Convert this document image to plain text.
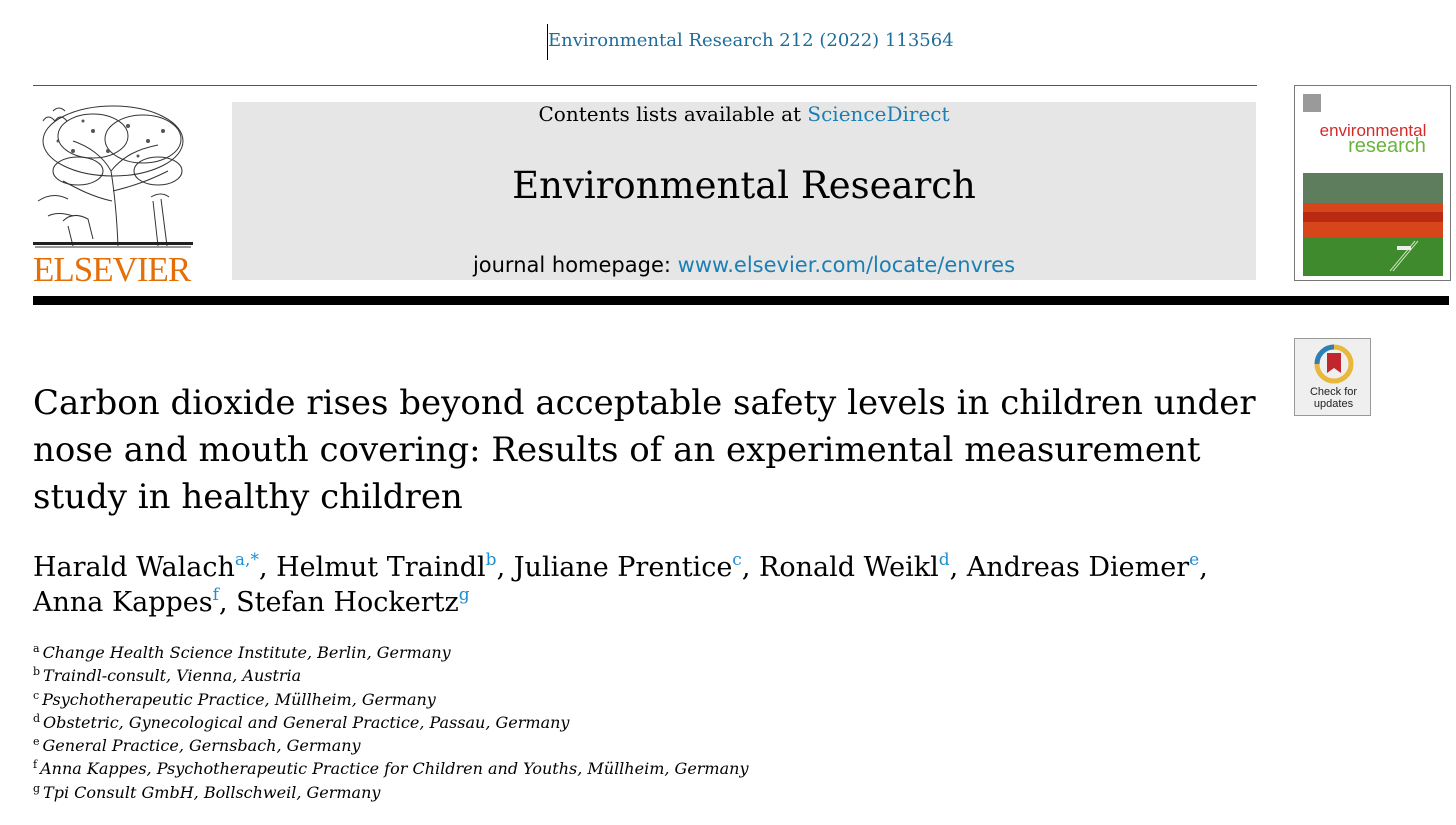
Environmental Research 212 (2022) 113564
ELSEVIER
Contents lists available at ScienceDirect
Environmental Research
journal homepage: www.elsevier.com/locate/envres
environmental
research
Check for
updates
Carbon dioxide rises beyond acceptable safety levels in children under nose and mouth covering: Results of an experimental measurement study in healthy children
Harald Walach$^{a,*}$, Helmut Traindl$^b$, Juliane Prentice$^c$, Ronald Weikl$^d$, Andreas Diemer$^e$,
Anna Kappes$^f$, Stefan Hockertz$^g$
$^a$ Change Health Science Institute, Berlin, Germany
$^b$ Traindl-consult, Vienna, Austria
$^c$ Psychotherapeutic Practice, Müllheim, Germany
$^d$ Obstetric, Gynecological and General Practice, Passau, Germany
$^e$ General Practice, Gernsbach, Germany
$^f$ Anna Kappes, Psychotherapeutic Practice for Children and Youths, Müllheim, Germany
$^g$ Tpi Consult GmbH, Bollschweil, Germany
